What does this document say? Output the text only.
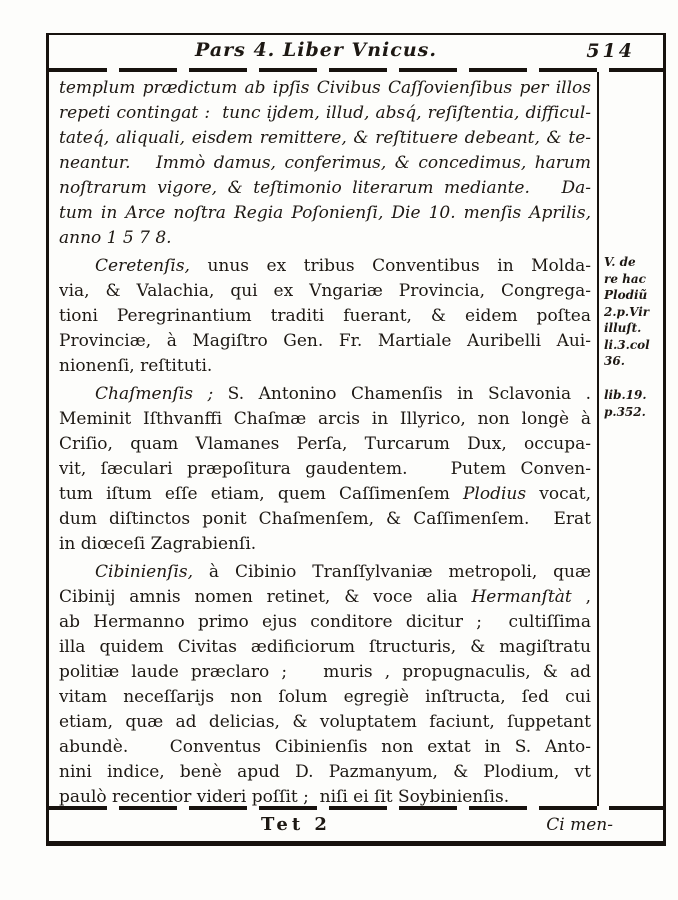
Pars 4. Liber Vnicus.	514
templum prædictum ab ipſis Civibus Caſſovienſibus per illos
repeti contingat :  tunc ijdem, illud, absq́, reſiſtentia, difficul-
tateq́, aliquali, eisdem remittere, & reſtituere debeant, & te-
neantur.   Immò damus, conferimus, & concedimus, harum
noſtrarum vigore, & teſtimonio literarum mediante.   Da-
tum in Arce noſtra Regia Poſonienſi, Die 10. menſis Aprilis,
anno 1 5 7 8.
Ceretenſis, unus ex tribus Conventibus in Molda-
via, & Valachia, qui ex Vngariæ Provincia, Congrega-
tioni Peregrinantium traditi fuerant, & eidem poſtea
Provinciæ, à Magiſtro Gen. Fr. Martiale Auribelli Aui-
nionenſi, reſtituti.
Chaſmenſis ; S. Antonino Chamenſis in Sclavonia .
Meminit Iſthvanffi Chaſmæ arcis in Illyrico, non longè à
Criſio, quam Vlamanes Perſa, Turcarum Dux, occupa-
vit, ſæculari præpoſitura gaudentem.   Putem Conven-
tum iſtum eſſe etiam, quem Caſſimenſem Plodius vocat,
dum diſtinctos ponit Chaſmenſem, & Caſſimenſem.  Erat
in diœceſi Zagrabienſi.
Cibinienſis, à Cibinio Tranſſylvaniæ metropoli, quæ
Cibinij amnis nomen retinet, & voce alia Hermanſtàt ,
ab Hermanno primo ejus conditore dicitur ;  cultiſſima
illa quidem Civitas ædificiorum ſtructuris, & magiſtratu
politiæ laude præclaro ;   muris , propugnaculis, & ad
vitam neceſſarijs non ſolum egregiè inſtructa, ſed cui
etiam, quæ ad delicias, & voluptatem faciunt, ſuppetant
abundè.   Conventus Cibinienſis non extat in S. Anto-
nini indice, benè apud D. Pazmanyum, & Plodium, vt
paulò recentior videri poſſit ;  niſi ei ſit Soybinienſis.
V. de
re hac
Plodiũ
2.p.Vir
illuſt.
li.3.col
36.
lib.19.
p.352.
Tet 2	Ci men-
